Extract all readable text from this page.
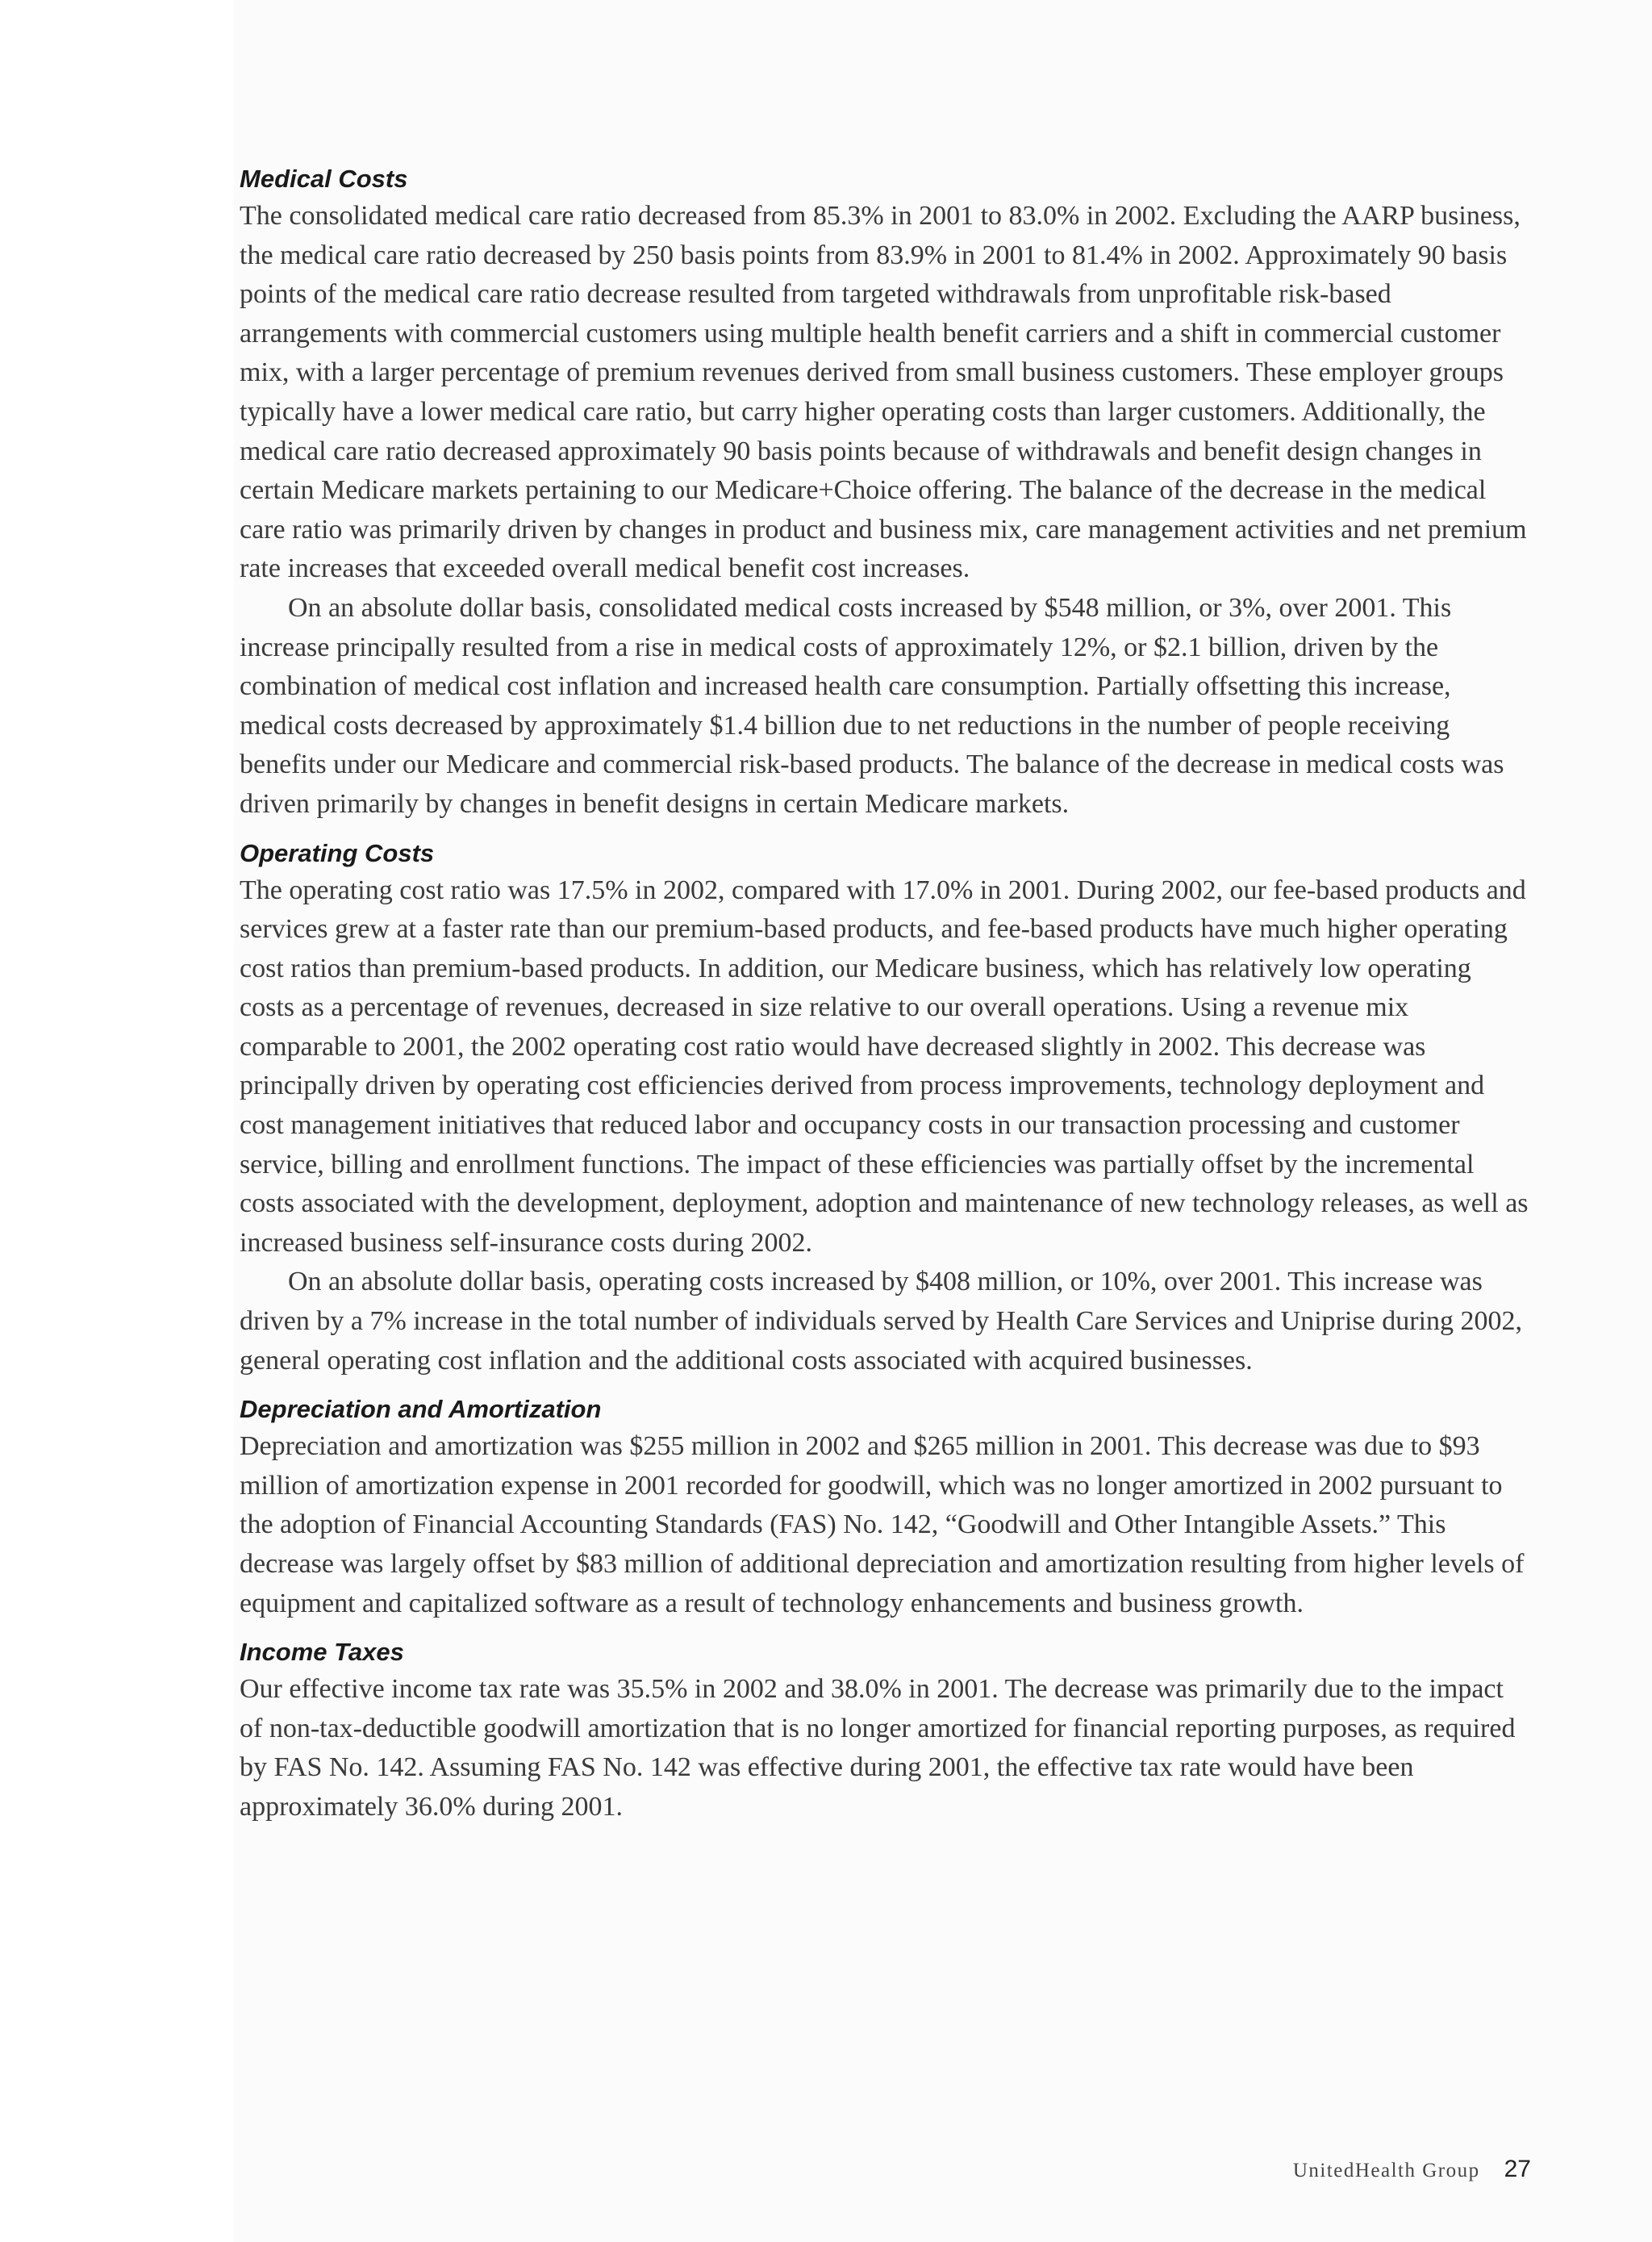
Medical Costs

The consolidated medical care ratio decreased from 85.3% in 2001 to 83.0% in 2002. Excluding the AARP business, the medical care ratio decreased by 250 basis points from 83.9% in 2001 to 81.4% in 2002. Approximately 90 basis points of the medical care ratio decrease resulted from targeted withdrawals from unprofitable risk-based arrangements with commercial customers using multiple health benefit carriers and a shift in commercial customer mix, with a larger percentage of premium revenues derived from small business customers. These employer groups typically have a lower medical care ratio, but carry higher operating costs than larger customers. Additionally, the medical care ratio decreased approximately 90 basis points because of withdrawals and benefit design changes in certain Medicare markets pertaining to our Medicare+Choice offering. The balance of the decrease in the medical care ratio was primarily driven by changes in product and business mix, care management activities and net premium rate increases that exceeded overall medical benefit cost increases.

On an absolute dollar basis, consolidated medical costs increased by $548 million, or 3%, over 2001. This increase principally resulted from a rise in medical costs of approximately 12%, or $2.1 billion, driven by the combination of medical cost inflation and increased health care consumption. Partially offsetting this increase, medical costs decreased by approximately $1.4 billion due to net reductions in the number of people receiving benefits under our Medicare and commercial risk-based products. The balance of the decrease in medical costs was driven primarily by changes in benefit designs in certain Medicare markets.

Operating Costs

The operating cost ratio was 17.5% in 2002, compared with 17.0% in 2001. During 2002, our fee-based products and services grew at a faster rate than our premium-based products, and fee-based products have much higher operating cost ratios than premium-based products. In addition, our Medicare business, which has relatively low operating costs as a percentage of revenues, decreased in size relative to our overall operations. Using a revenue mix comparable to 2001, the 2002 operating cost ratio would have decreased slightly in 2002. This decrease was principally driven by operating cost efficiencies derived from process improvements, technology deployment and cost management initiatives that reduced labor and occupancy costs in our transaction processing and customer service, billing and enrollment functions. The impact of these efficiencies was partially offset by the incremental costs associated with the development, deployment, adoption and maintenance of new technology releases, as well as increased business self-insurance costs during 2002.

On an absolute dollar basis, operating costs increased by $408 million, or 10%, over 2001. This increase was driven by a 7% increase in the total number of individuals served by Health Care Services and Uniprise during 2002, general operating cost inflation and the additional costs associated with acquired businesses.

Depreciation and Amortization

Depreciation and amortization was $255 million in 2002 and $265 million in 2001. This decrease was due to $93 million of amortization expense in 2001 recorded for goodwill, which was no longer amortized in 2002 pursuant to the adoption of Financial Accounting Standards (FAS) No. 142, “Goodwill and Other Intangible Assets.” This decrease was largely offset by $83 million of additional depreciation and amortization resulting from higher levels of equipment and capitalized software as a result of technology enhancements and business growth.

Income Taxes

Our effective income tax rate was 35.5% in 2002 and 38.0% in 2001. The decrease was primarily due to the impact of non-tax-deductible goodwill amortization that is no longer amortized for financial reporting purposes, as required by FAS No. 142. Assuming FAS No. 142 was effective during 2001, the effective tax rate would have been approximately 36.0% during 2001.

UnitedHealth Group 27
